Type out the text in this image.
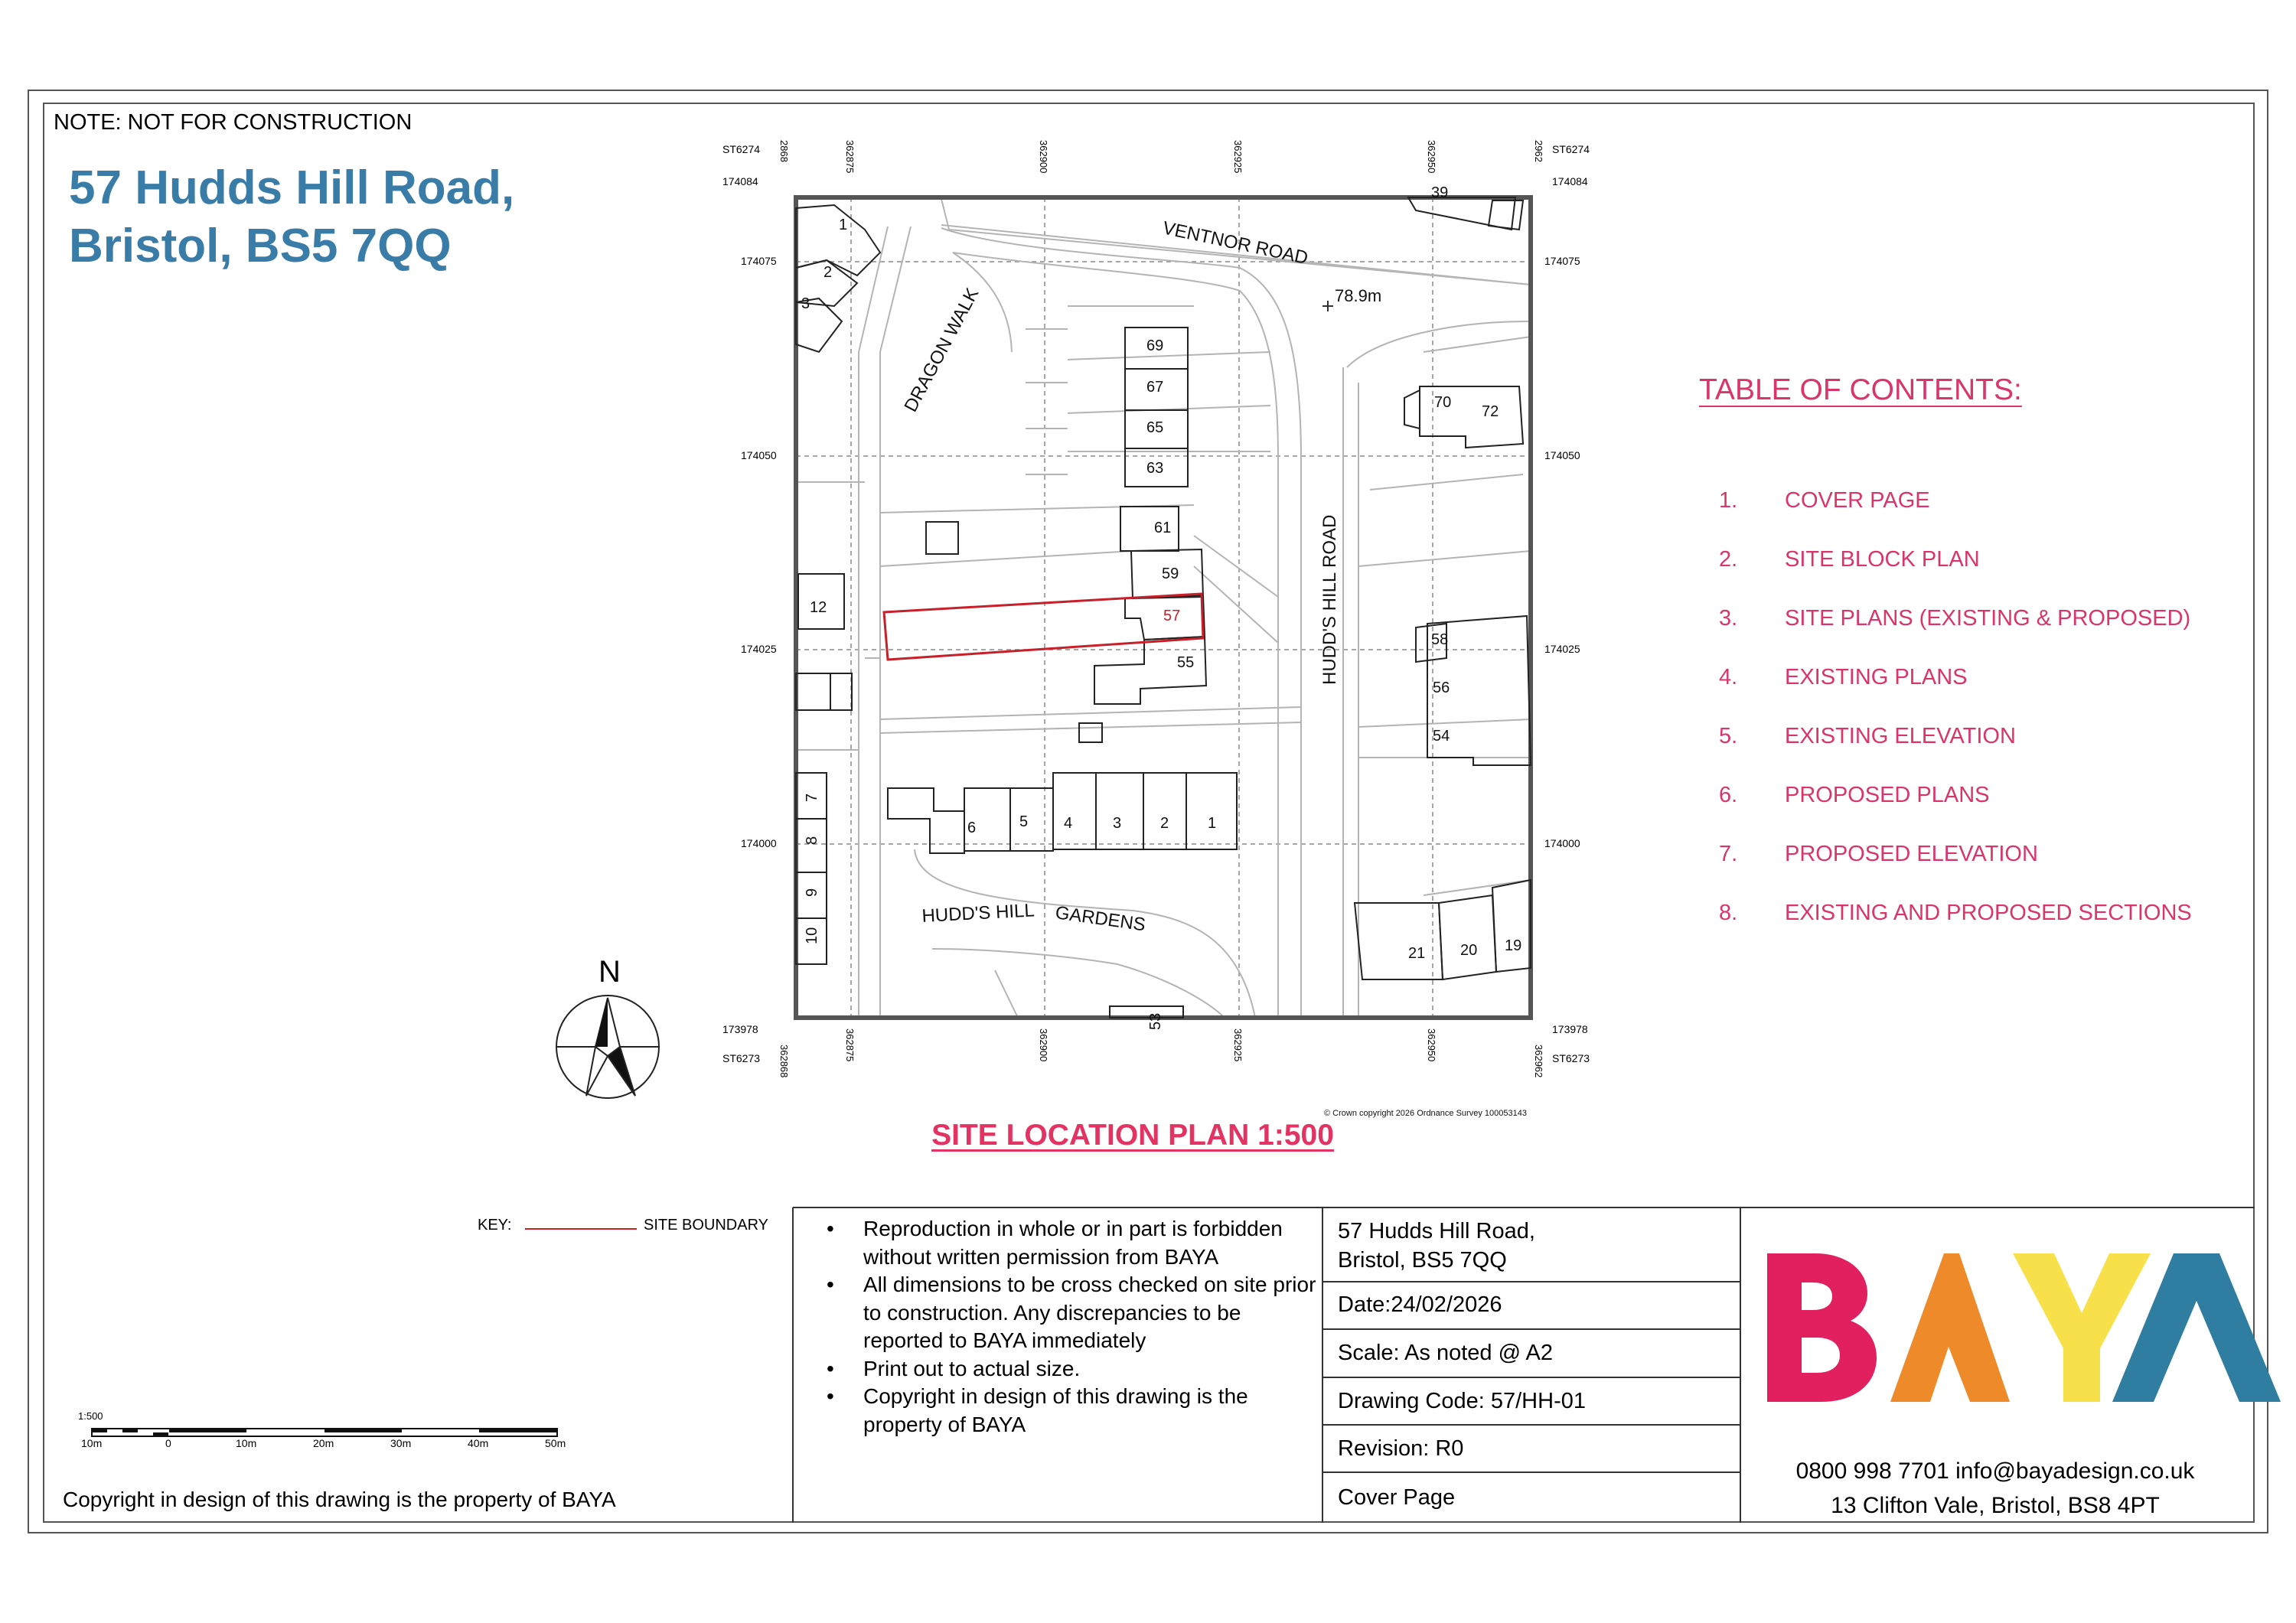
NOTE: NOT FOR CONSTRUCTION
57 Hudds Hill Road,
Bristol, BS5 7QQ
ST6274
174084
ST6274
174084
2868	362875	362900	362925	362950	2962
174075	174075
174050	174050
174025	174025
174000	174000
173978
ST6273
173978
ST6273
362868	362875	362900	362925	362950	362962
VENTNOR ROAD
DRAGON WALK
HUDD'S HILL ROAD
HUDD'S HILL GARDENS
78.9m
1
2
3
39
69
67
65
63
70
72
61
59
57
55
12
58
56
54
7
8
9
10
6	5 4	3	2	1
21 20 19
53
© Crown copyright 2026 Ordnance Survey 100053143
N
SITE LOCATION PLAN 1:500
TABLE OF CONTENTS:
1.	COVER PAGE
2.	SITE BLOCK PLAN
3.	SITE PLANS (EXISTING & PROPOSED)
4.	EXISTING PLANS
5.	EXISTING ELEVATION
6.	PROPOSED PLANS
7.	PROPOSED ELEVATION
8.	EXISTING AND PROPOSED SECTIONS
KEY:	SITE BOUNDARY
1:500
10m	0	10m	20m	30m	40m	50m
Copyright in design of this drawing is the property of BAYA
• Reproduction in whole or in part is forbidden without written permission from BAYA
• All dimensions to be cross checked on site prior to construction. Any discrepancies to be reported to BAYA immediately
• Print out to actual size.
• Copyright in design of this drawing is the property of BAYA
57 Hudds Hill Road,
Bristol, BS5 7QQ
Date:24/02/2026
Scale: As noted @ A2
Drawing Code: 57/HH-01
Revision: R0
Cover Page
0800 998 7701 info@bayadesign.co.uk
13 Clifton Vale, Bristol, BS8 4PT
